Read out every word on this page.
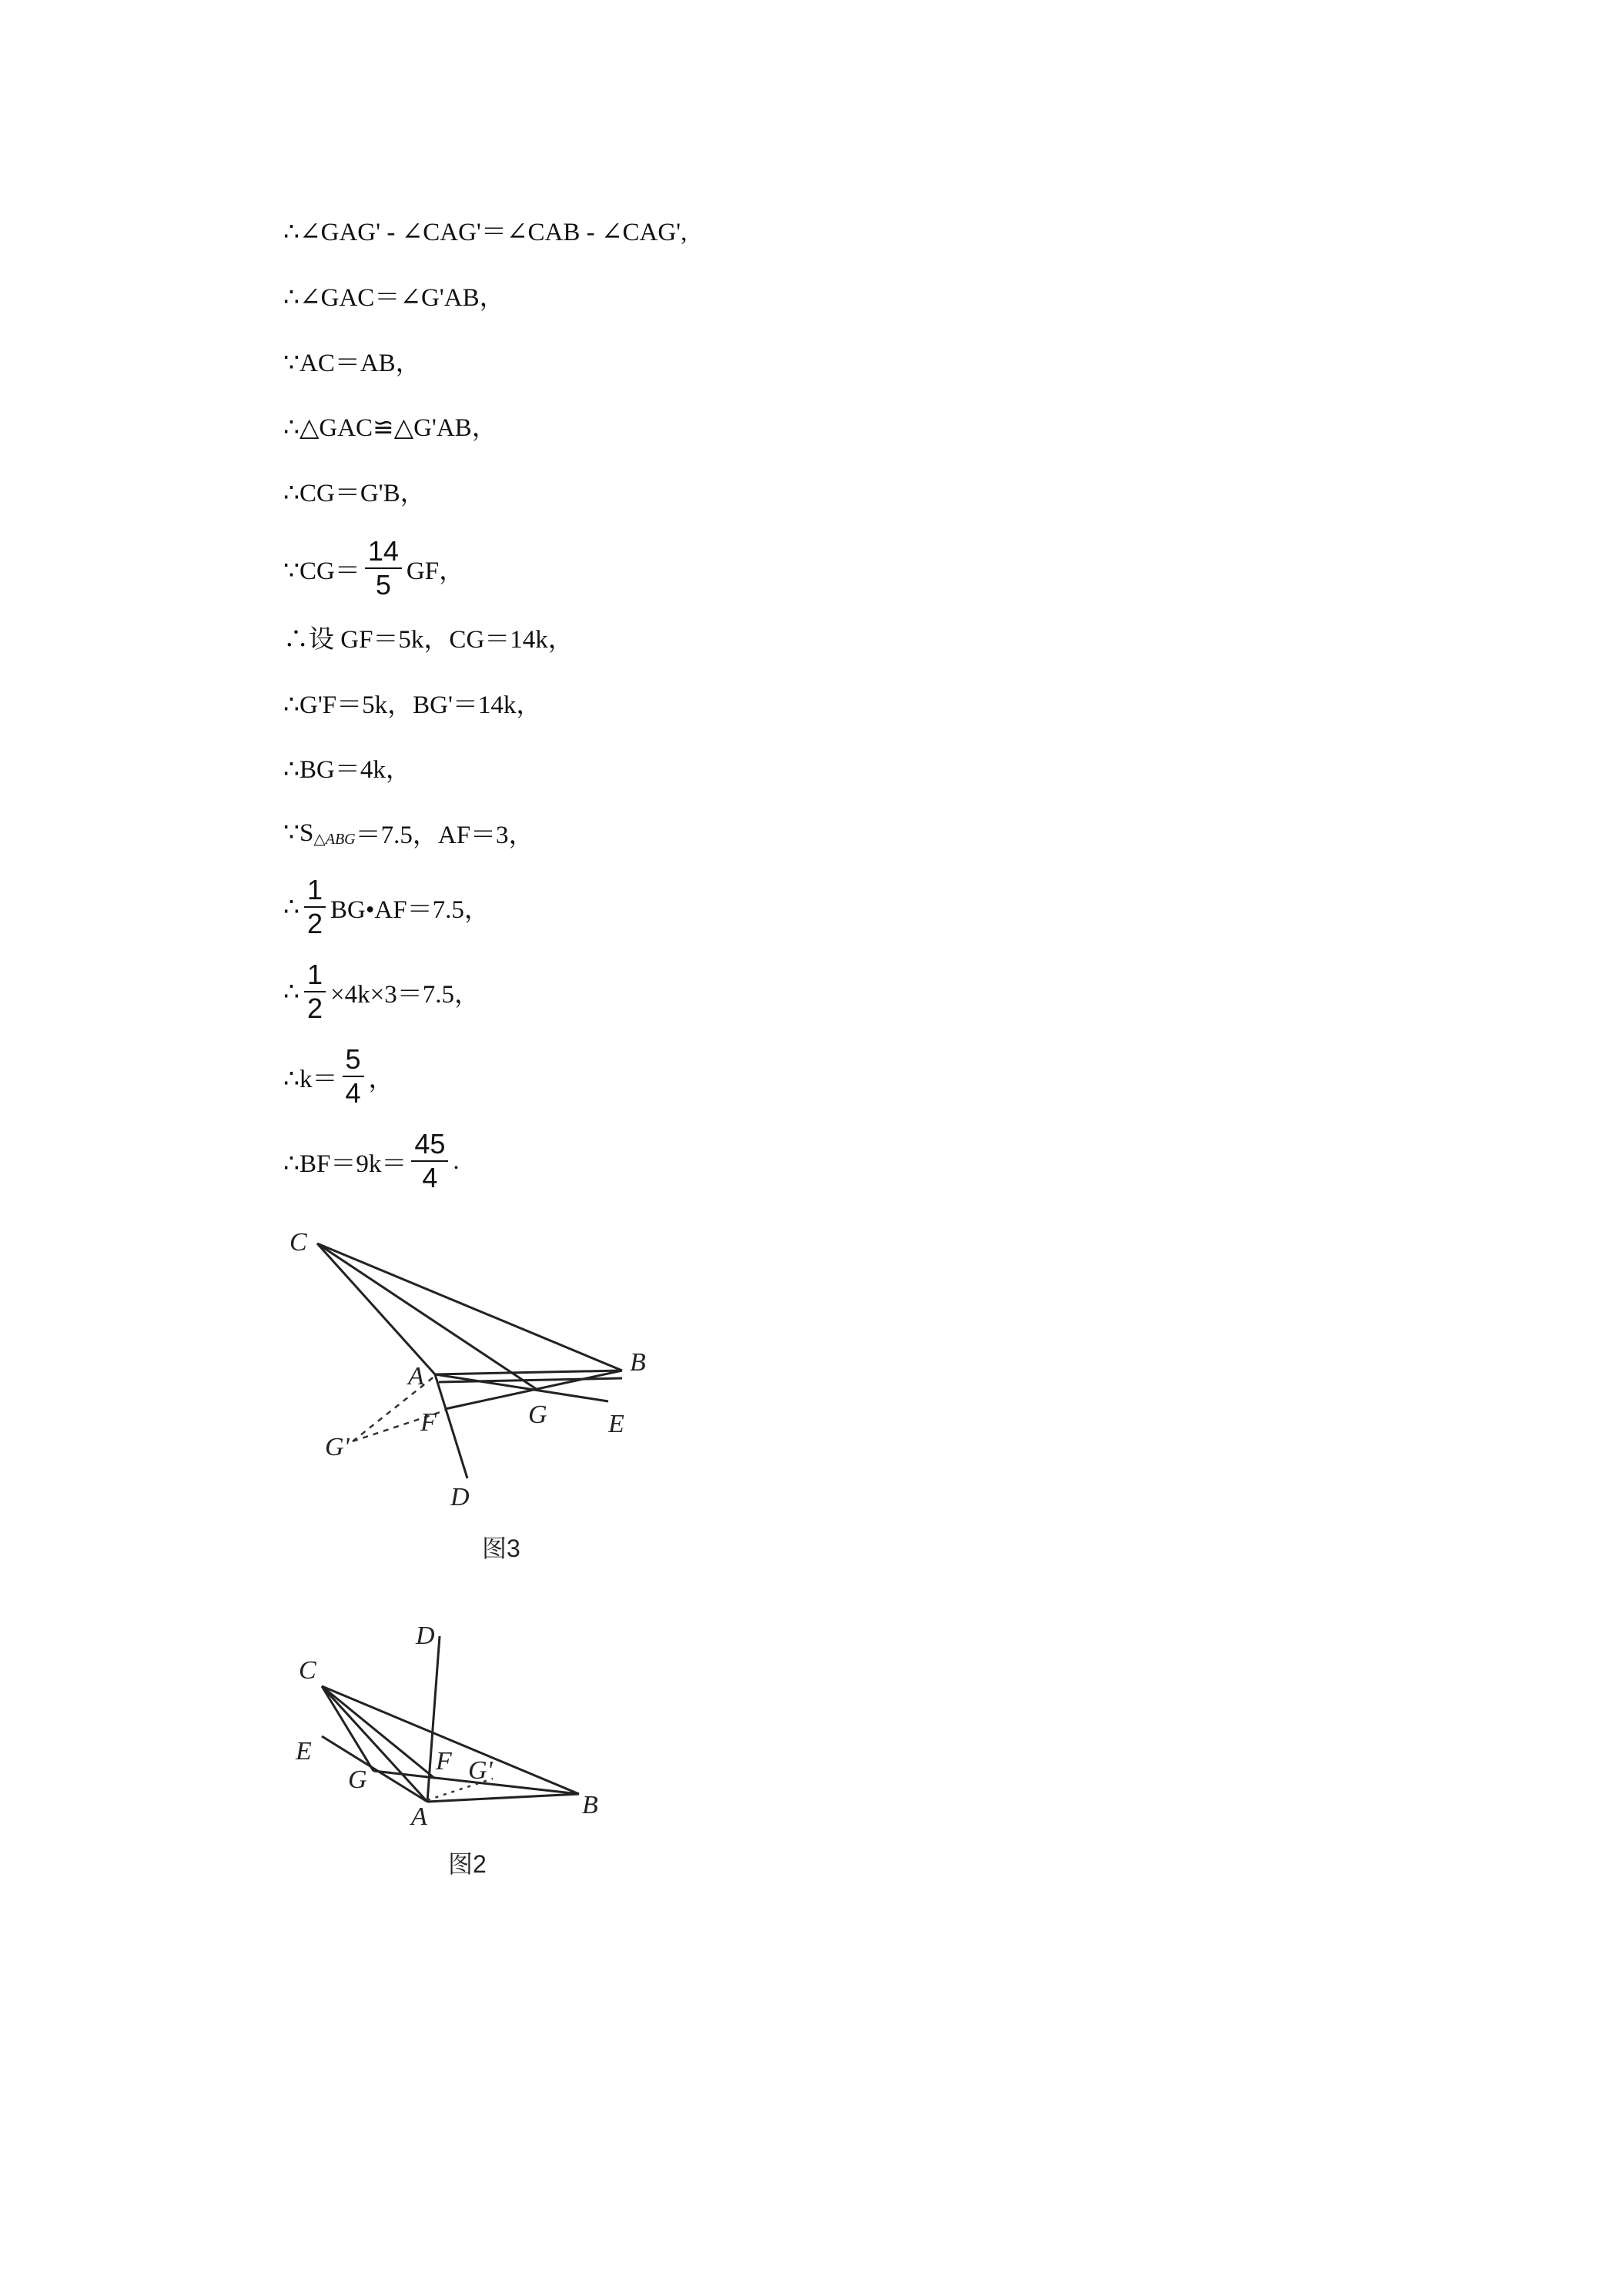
∴∠GAG' - ∠CAG'＝∠CAB - ∠CAG',
∴∠GAC＝∠G'AB，
∵AC＝AB，
∴△GAC≌△G'AB，
∴CG＝G'B，
∵CG＝ $\frac{14}{5}$ GF，
∴设 GF＝5k，CG＝14k，
∴G'F＝5k，BG'＝14k，
∴BG＝4k，
∵S △ABG ＝7.5，AF＝3，
∴ $\frac{1}{2}$ BG•AF＝7.5，
∴ $\frac{1}{2} \times 4k\times 3=7.5$，
∴k＝ $\frac{5}{4}$ ，
∴BF＝9k＝ $\frac{45}{4}$ .
C
A	B
G'
F	G E
D
图3
D
C
E	F G'
G
A	B
图2
